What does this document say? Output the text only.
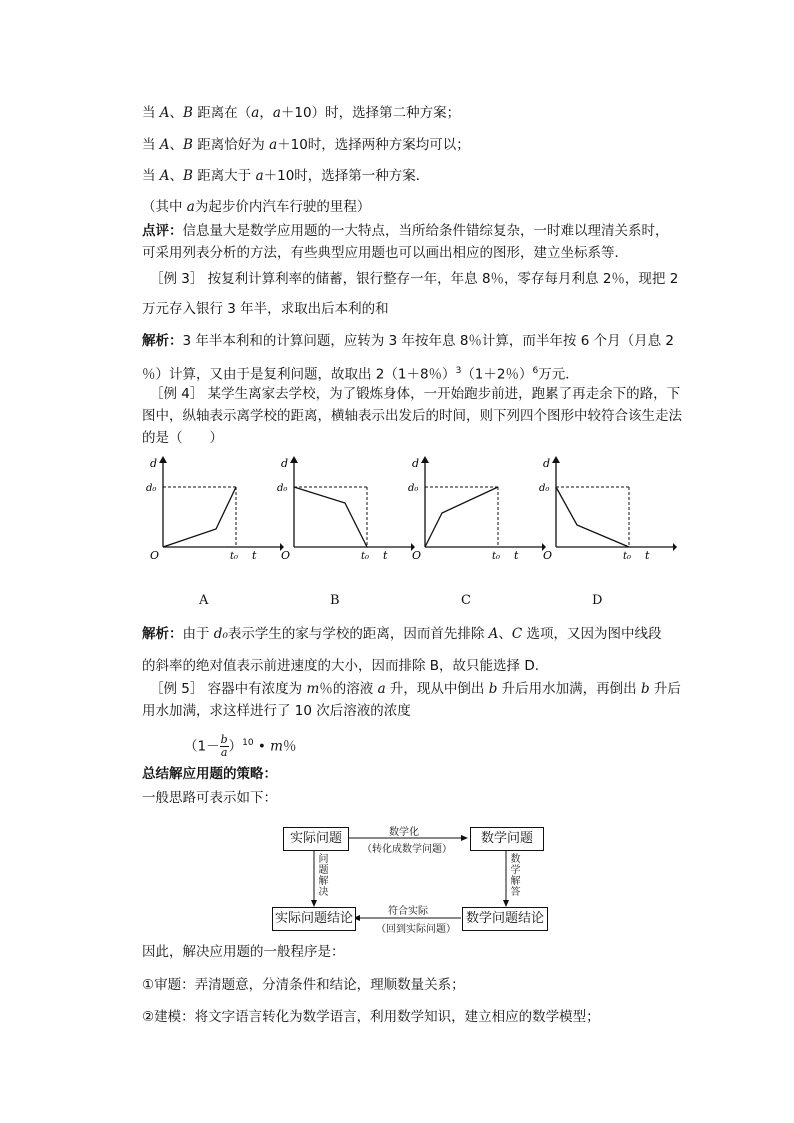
当 A、B 距离在（a，a＋10）时，选择第二种方案；
当 A、B 距离恰好为 a＋10时，选择两种方案均可以；
当 A、B 距离大于 a＋10时，选择第一种方案．
（其中 a为起步价内汽车行驶的里程）
点评：信息量大是数学应用题的一大特点，当所给条件错综复杂，一时难以理清关系时，
可采用列表分析的方法，有些典型应用题也可以画出相应的图形，建立坐标系等．
［例 3］ 按复利计算利率的储蓄，银行整存一年，年息 8％，零存每月利息 2％，现把 2
万元存入银行 3 年半，求取出后本利的和
解析：3 年半本利和的计算问题，应转为 3 年按年息 8％计算，而半年按 6 个月（月息 2
％）计算，又由于是复利问题，故取出 2（1＋8％）$^3$（1＋2％）$^6$万元．
［例 4］ 某学生离家去学校，为了锻炼身体，一开始跑步前进，跑累了再走余下的路，下
图中，纵轴表示离学校的距离，横轴表示出发后的时间，则下列四个图形中较符合该生走法
的是（　　）
d
d₀
O	t₀ t
A
d
d₀
O	t₀ t
B
d
d₀
O	t₀ t
C
d
d₀
O	t₀ t
D
解析：由于 d₀表示学生的家与学校的距离，因而首先排除 A、C 选项，又因为图中线段
的斜率的绝对值表示前进速度的大小，因而排除 B，故只能选择 D．
［例 5］ 容器中有浓度为 m％的溶液 a 升，现从中倒出 b 升后用水加满，再倒出 b 升后
用水加满，求这样进行了 10 次后溶液的浓度
$(1- \frac{b}{a} )^{10}$ • m％
总结解应用题的策略：
一般思路可表示如下：
实际问题	数学问题
实际问题结论	数学问题结论
数学化
（转化成数学问题）
符合实际
（回到实际问题）
问
题
解
决
数
学
解
答
因此，解决应用题的一般程序是：
①审题：弄清题意，分清条件和结论，理顺数量关系；
②建模：将文字语言转化为数学语言，利用数学知识，建立相应的数学模型；
